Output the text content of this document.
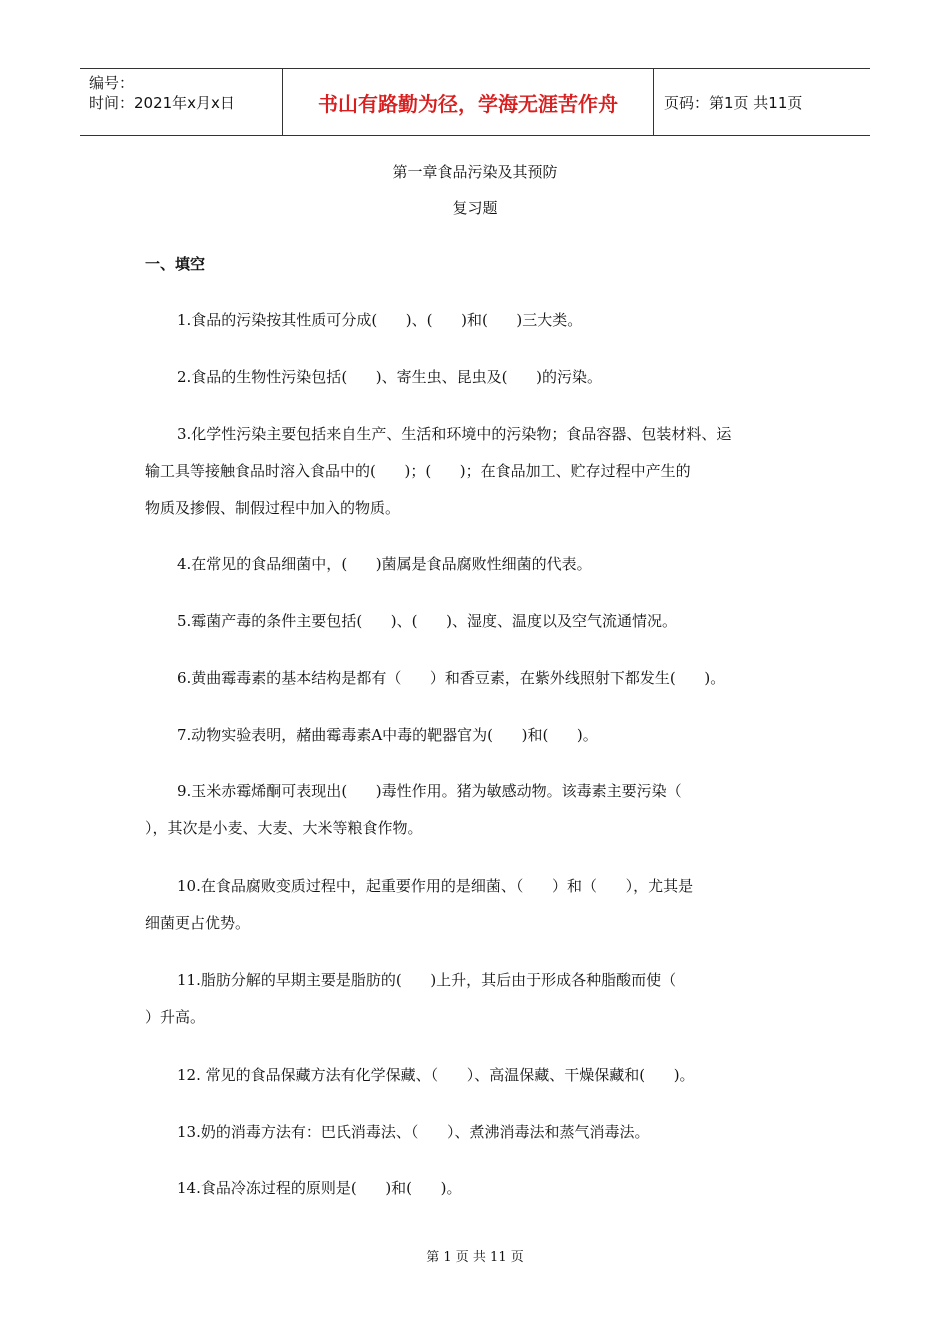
编号：
时间：2021年x月x日	书山有路勤为径，学海无涯苦作舟	页码：第1页 共11页
第一章食品污染及其预防
复习题
一、填空
1.食品的污染按其性质可分成(      )、(      )和(      )三大类。
2.食品的生物性污染包括(      )、寄生虫、昆虫及(      )的污染。
3.化学性污染主要包括来自生产、生活和环境中的污染物；食品容器、包装材料、运
输工具等接触食品时溶入食品中的(      )；(      )；在食品加工、贮存过程中产生的
物质及掺假、制假过程中加入的物质。
4.在常见的食品细菌中，(      )菌属是食品腐败性细菌的代表。
5.霉菌产毒的条件主要包括(      )、(      )、湿度、温度以及空气流通情况。
6.黄曲霉毒素的基本结构是都有（      ）和香豆素，在紫外线照射下都发生(      )。
7.动物实验表明，赭曲霉毒素A中毒的靶器官为(      )和(      )。
9.玉米赤霉烯酮可表现出(      )毒性作用。猪为敏感动物。该毒素主要污染（
），其次是小麦、大麦、大米等粮食作物。
10.在食品腐败变质过程中，起重要作用的是细菌、（      ）和（      ），尤其是
细菌更占优势。
11.脂肪分解的早期主要是脂肪的(      )上升，其后由于形成各种脂酸而使（
）升高。
12. 常见的食品保藏方法有化学保藏、（      ）、高温保藏、干燥保藏和(      )。
13.奶的消毒方法有：巴氏消毒法、（      ）、煮沸消毒法和蒸气消毒法。
14.食品冷冻过程的原则是(      )和(      )。
第 1 页 共 11 页
